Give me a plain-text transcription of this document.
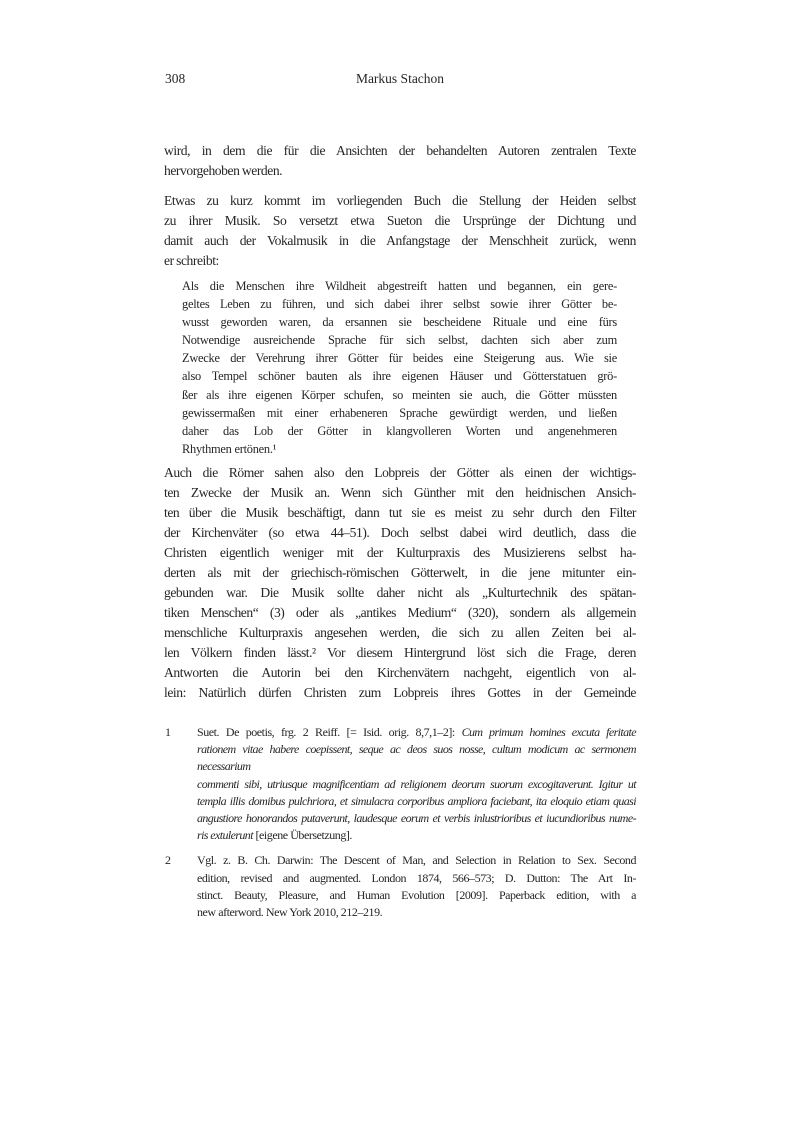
308	Markus Stachon
wird, in dem die für die Ansichten der behandelten Autoren zentralen Texte
hervorgehoben werden.
Etwas zu kurz kommt im vorliegenden Buch die Stellung der Heiden selbst
zu ihrer Musik. So versetzt etwa Sueton die Ursprünge der Dichtung und
damit auch der Vokalmusik in die Anfangstage der Menschheit zurück, wenn
er schreibt:
Als die Menschen ihre Wildheit abgestreift hatten und begannen, ein gere-
geltes Leben zu führen, und sich dabei ihrer selbst sowie ihrer Götter be-
wusst geworden waren, da ersannen sie bescheidene Rituale und eine fürs
Notwendige ausreichende Sprache für sich selbst, dachten sich aber zum
Zwecke der Verehrung ihrer Götter für beides eine Steigerung aus. Wie sie
also Tempel schöner bauten als ihre eigenen Häuser und Götterstatuen grö-
ßer als ihre eigenen Körper schufen, so meinten sie auch, die Götter müssten
gewissermaßen mit einer erhabeneren Sprache gewürdigt werden, und ließen
daher das Lob der Götter in klangvolleren Worten und angenehmeren
Rhythmen ertönen.¹
Auch die Römer sahen also den Lobpreis der Götter als einen der wichtigs-
ten Zwecke der Musik an. Wenn sich Günther mit den heidnischen Ansich-
ten über die Musik beschäftigt, dann tut sie es meist zu sehr durch den Filter
der Kirchenväter (so etwa 44–51). Doch selbst dabei wird deutlich, dass die
Christen eigentlich weniger mit der Kulturpraxis des Musizierens selbst ha-
derten als mit der griechisch-römischen Götterwelt, in die jene mitunter ein-
gebunden war. Die Musik sollte daher nicht als „Kulturtechnik des spätan-
tiken Menschen“ (3) oder als „antikes Medium“ (320), sondern als allgemein
menschliche Kulturpraxis angesehen werden, die sich zu allen Zeiten bei al-
len Völkern finden lässt.² Vor diesem Hintergrund löst sich die Frage, deren
Antworten die Autorin bei den Kirchenvätern nachgeht, eigentlich von al-
lein: Natürlich dürfen Christen zum Lobpreis ihres Gottes in der Gemeinde
1 Suet. De poetis, frg. 2 Reiff. [= Isid. orig. 8,7,1–2]: Cum primum homines excuta feritate
rationem vitae habere coepissent, seque ac deos suos nosse, cultum modicum ac sermonem necessarium
commenti sibi, utriusque magnificentiam ad religionem deorum suorum excogitaverunt. Igitur ut
templa illis domibus pulchriora, et simulacra corporibus ampliora faciebant, ita eloquio etiam quasi
angustiore honorandos putaverunt, laudesque eorum et verbis inlustrioribus et iucundioribus nume-
ris extulerunt [eigene Übersetzung].
2 Vgl. z. B. Ch. Darwin: The Descent of Man, and Selection in Relation to Sex. Second
edition, revised and augmented. London 1874, 566–573; D. Dutton: The Art In-
stinct. Beauty, Pleasure, and Human Evolution [2009]. Paperback edition, with a
new afterword. New York 2010, 212–219.
